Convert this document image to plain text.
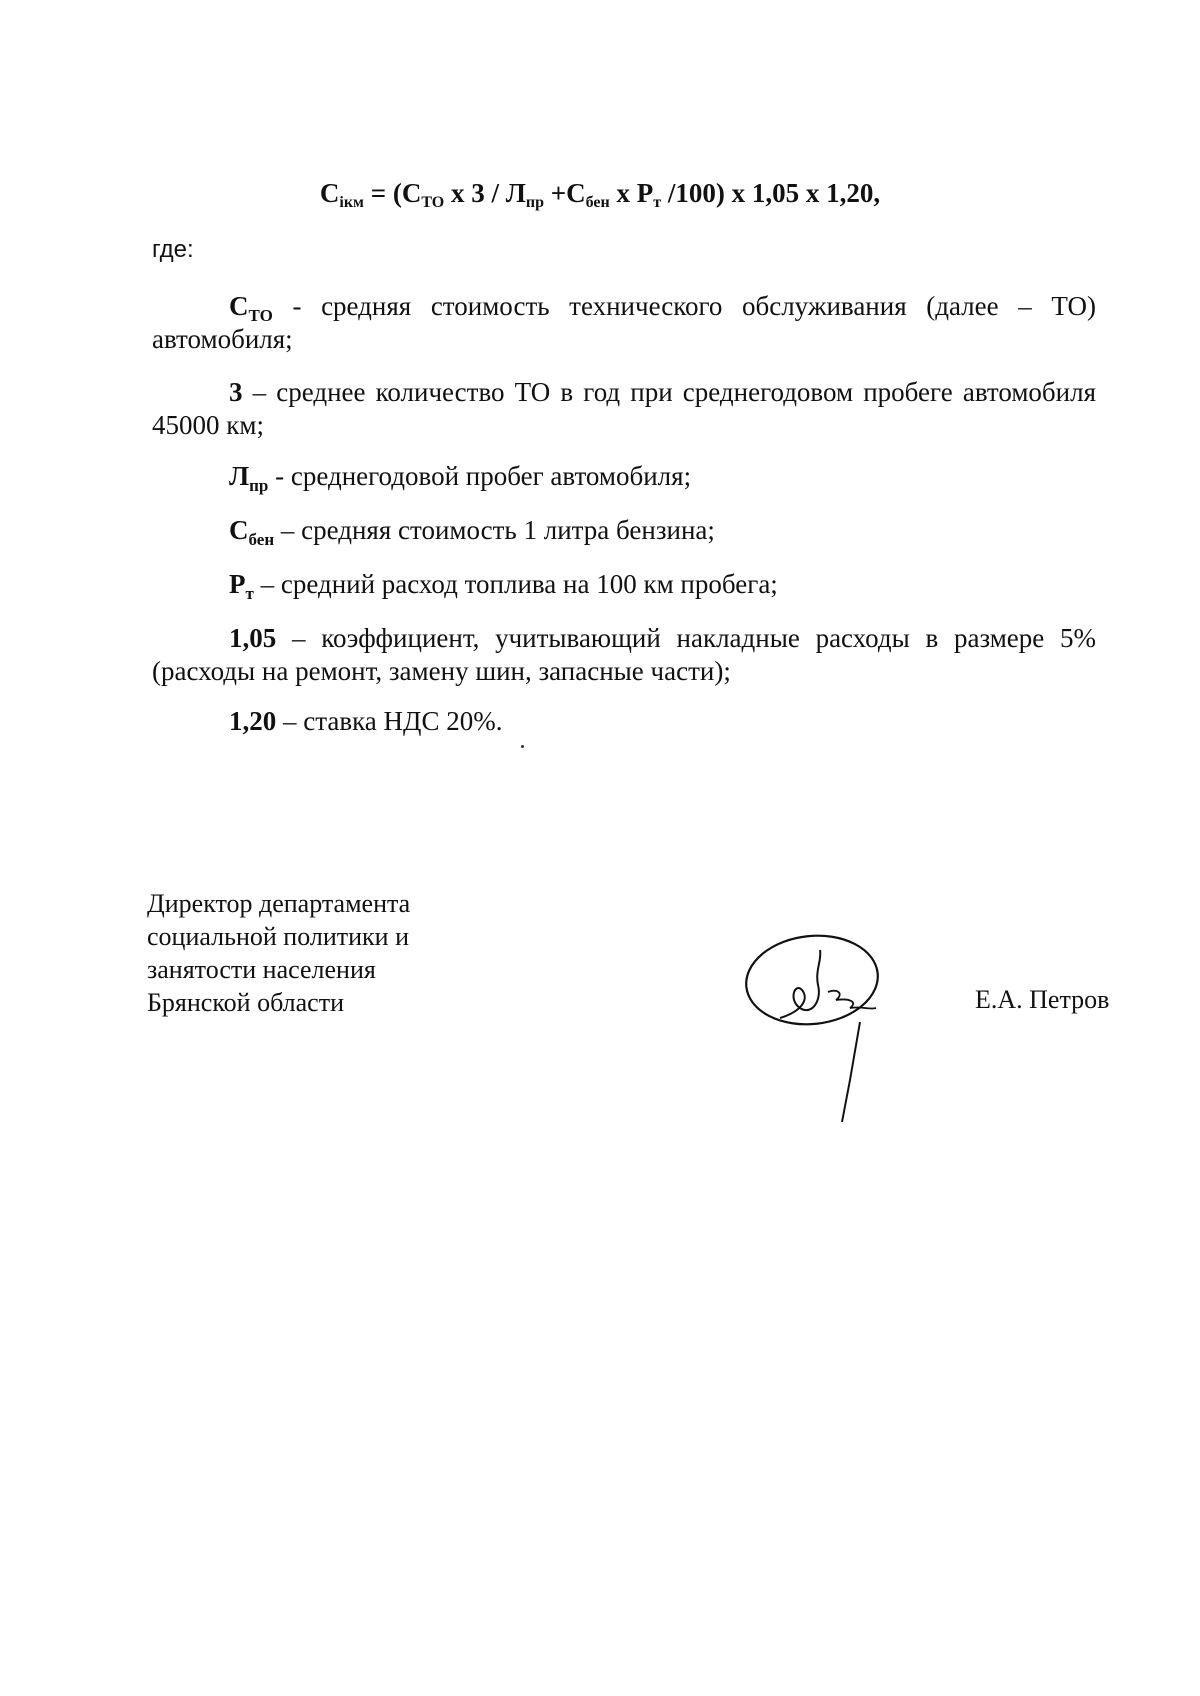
$С_{ікм} = (С_{ТО}$ х $3 / Л_{пр} +С_{бен}$ х $Р_т$ /100) х 1,05 х 1,20,
где:

$С_{ТО}$ - средняя стоимость технического обслуживания (далее – ТО) автомобиля;

3 – среднее количество ТО в год при среднегодовом пробеге автомобиля 45000 км;

$Л_{пр}$ - среднегодовой пробег автомобиля;

$С_{бен}$ – средняя стоимость 1 литра бензина;

$Р_т$ – средний расход топлива на 100 км пробега;

1,05 – коэффициент, учитывающий накладные расходы в размере 5% (расходы на ремонт, замену шин, запасные части);

1,20 – ставка НДС 20%.

Директор департамента
социальной политики и
занятости населения
Брянской области	Е.А. Петров
